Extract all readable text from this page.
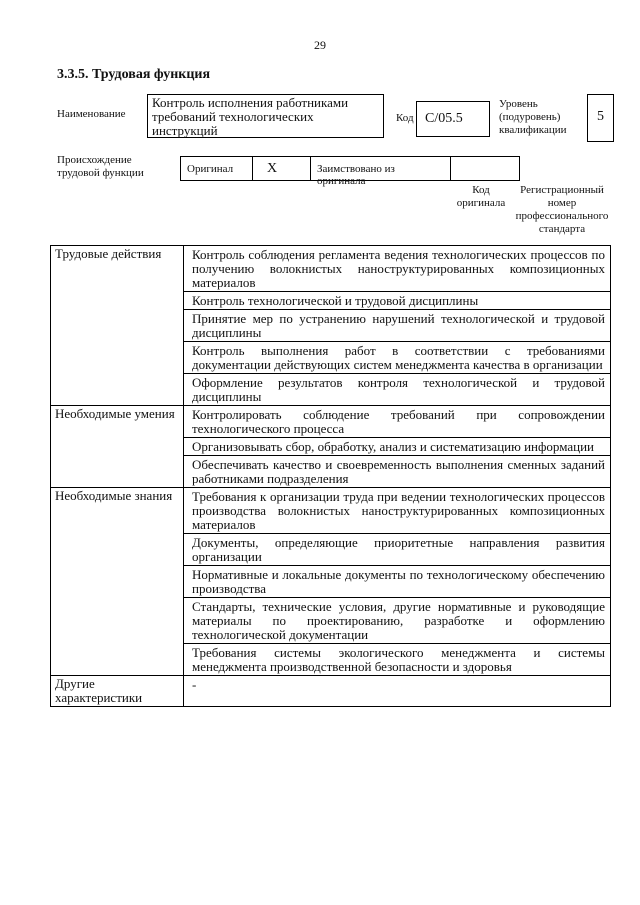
29
3.3.5. Трудовая функция
Наименование
Контроль исполнения работниками требований технологических инструкций
Код С/05.5
Уровень (подуровень) квалификации
5
Происхождение трудовой функции	Оригинал	Х	Заимствовано из оригинала
Код оригинала
Регистрационный номер профессионального стандарта
Трудовые действия	Контроль соблюдения регламента ведения технологических процессов по получению волокнистых наноструктурированных композиционных материалов
Контроль технологической и трудовой дисциплины
Принятие мер по устранению нарушений технологической и трудовой дисциплины
Контроль выполнения работ в соответствии с требованиями документации действующих систем менеджмента качества в организации
Оформление результатов контроля технологической и трудовой дисциплины

Необходимые умения	Контролировать соблюдение требований при сопровождении технологического процесса
Организовывать сбор, обработку, анализ и систематизацию информации
Обеспечивать качество и своевременность выполнения сменных заданий работниками подразделения

Необходимые знания	Требования к организации труда при ведении технологических процессов производства волокнистых наноструктурированных композиционных материалов
Документы, определяющие приоритетные направления развития организации
Нормативные и локальные документы по технологическому обеспечению производства
Стандарты, технические условия, другие нормативные и руководящие материалы по проектированию, разработке и оформлению технологической документации
Требования системы экологического менеджмента и системы менеджмента производственной безопасности и здоровья

Другие характеристики	-
